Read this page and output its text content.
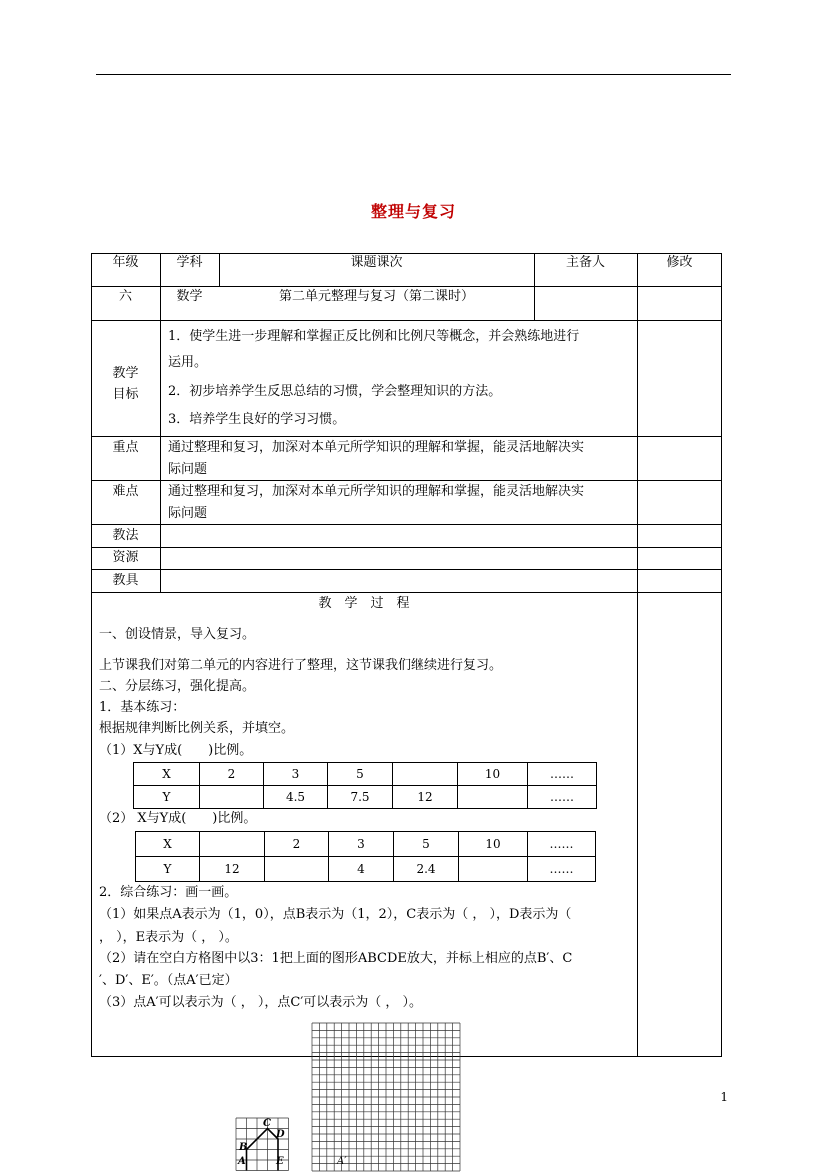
整理与复习
年级	学科	课题课次	主备人	修改
六	数学	第二单元整理与复习（第二课时）
教学
目标
1．使学生进一步理解和掌握正反比例和比例尺等概念，并会熟练地进行
运用。
2．初步培养学生反思总结的习惯，学会整理知识的方法。
3．培养学生良好的学习习惯。
重点	通过整理和复习，加深对本单元所学知识的理解和掌握，能灵活地解决实
际问题
难点	通过整理和复习，加深对本单元所学知识的理解和掌握，能灵活地解决实
际问题
教法
资源
教具
教　学　过　程
一、创设情景，导入复习。
上节课我们对第二单元的内容进行了整理，这节课我们继续进行复习。
二、分层练习，强化提高。
1．基本练习：
根据规律判断比例关系，并填空。
（1）X与Y成(　　)比例。
X	2	3	5		10	……
Y		4.5	7.5	12		……
（2） X与Y成(　　)比例。
X		2	3	5	10	……
Y	12		4	2.4		……
2．综合练习：画一画。
（1）如果点A表示为（1，0），点B表示为（1，2），C表示为（ ， ），D表示为（
， ），E表示为（ ， ）。
（2）请在空白方格图中以3：1把上面的图形ABCDE放大，并标上相应的点B′、C
′、D′、E′。（点A′已定）
（3）点A′可以表示为（ ， ），点C′可以表示为（ ， ）。
C
D
B
A	E	A′
1
